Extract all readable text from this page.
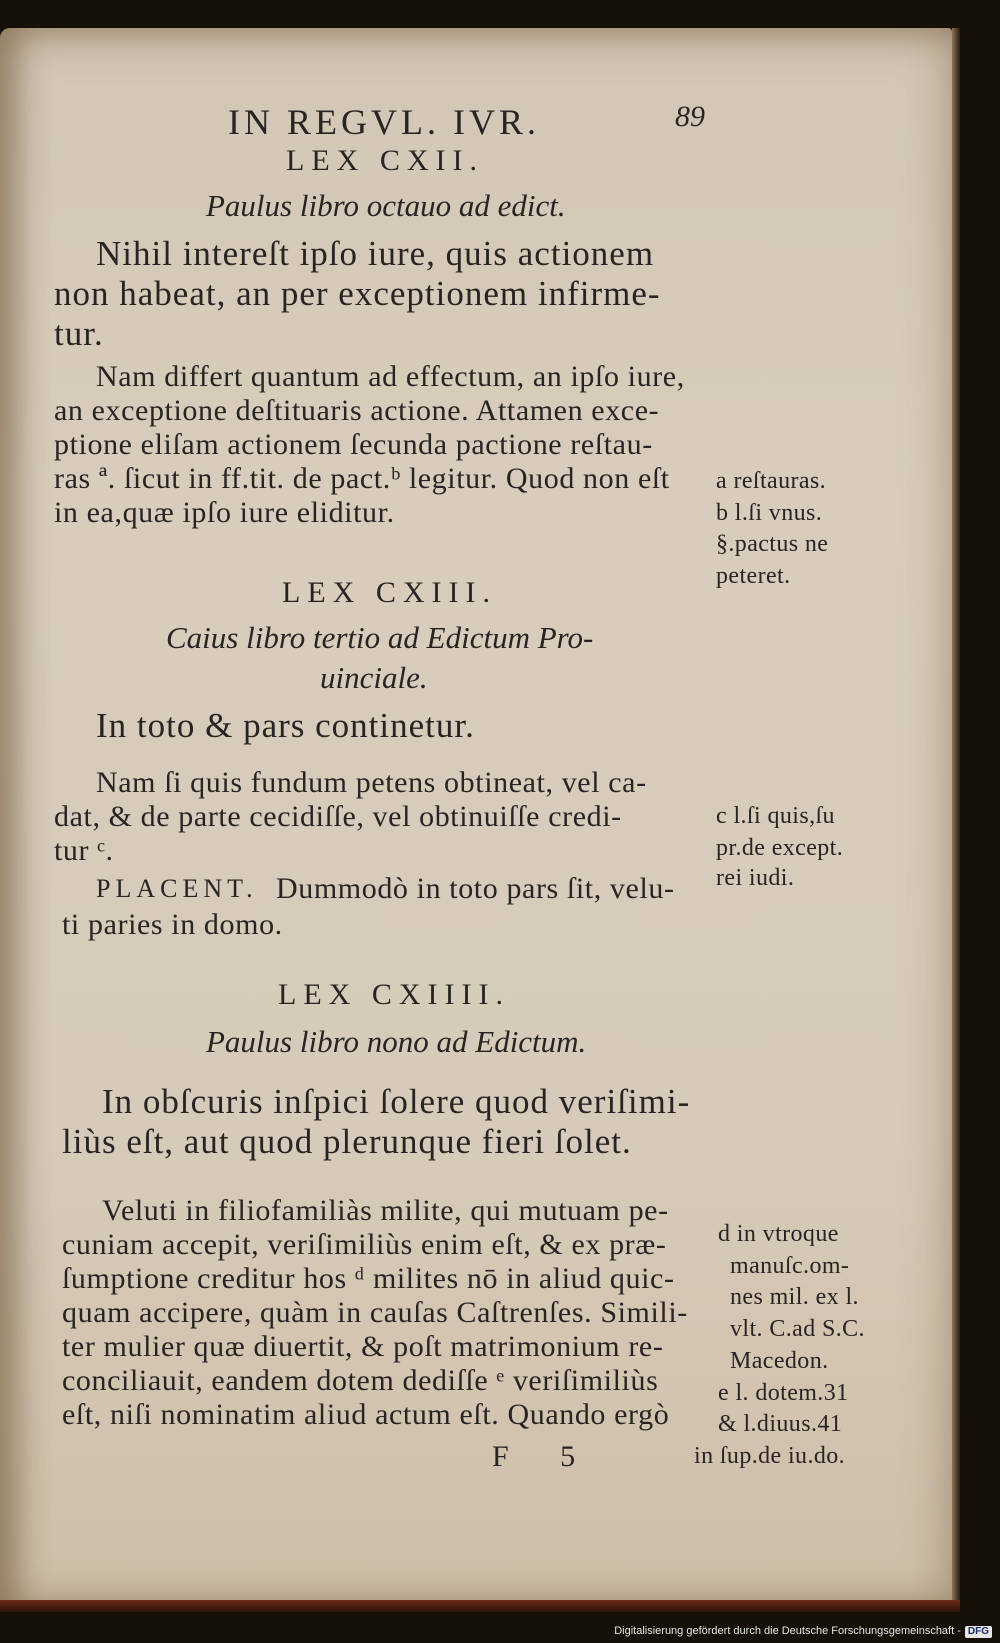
IN REGVL. IVR.	89
LEX CXII.
Paulus libro octauo ad edict.
Nihil intereſt ipſo iure, quis actionem
non habeat, an per exceptionem infirme-
tur.
Nam differt quantum ad effectum, an ipſo iure,
an exceptione deſtituaris actione. Attamen exce-
ptione eliſam actionem ſecunda pactione reſtau-
ras ª. ſicut in ff.tit. de pact.ᵇ legitur. Quod non eſt
in ea,quæ ipſo iure eliditur.
a reſtauras.
b l.ſi vnus.
§.pactus ne
peteret.
LEX CXIII.
Caius libro tertio ad Edictum Pro-
uinciale.
In toto & pars continetur.
Nam ſi quis fundum petens obtineat, vel ca-
dat, & de parte cecidiſſe, vel obtinuiſſe credi-
tur ᶜ.
PLACENT. Dummodò in toto pars ſit, velu-
ti paries in domo.
c l.ſi quis,ſu
pr.de except.
rei iudi.
LEX CXIIII.
Paulus libro nono ad Edictum.
In obſcuris inſpici ſolere quod veriſimi-
liùs eſt, aut quod plerunque fieri ſolet.
Veluti in filiofamiliàs milite, qui mutuam pe-
cuniam accepit, veriſimiliùs enim eſt, & ex præ-
ſumptione creditur hos ᵈ milites nō in aliud quic-
quam accipere, quàm in cauſas Caſtrenſes. Simili-
ter mulier quæ diuertit, & poſt matrimonium re-
conciliauit, eandem dotem dediſſe ᵉ veriſimiliùs
eſt, niſi nominatim aliud actum eſt. Quando ergò
d in vtroque
manuſc.om-
nes mil. ex l.
vlt. C.ad S.C.
Macedon.
e l. dotem.31
& l.diuus.41
in ſup.de iu.do.
F 5
Digitalisierung gefördert durch die Deutsche Forschungsgemeinschaft - DFG
